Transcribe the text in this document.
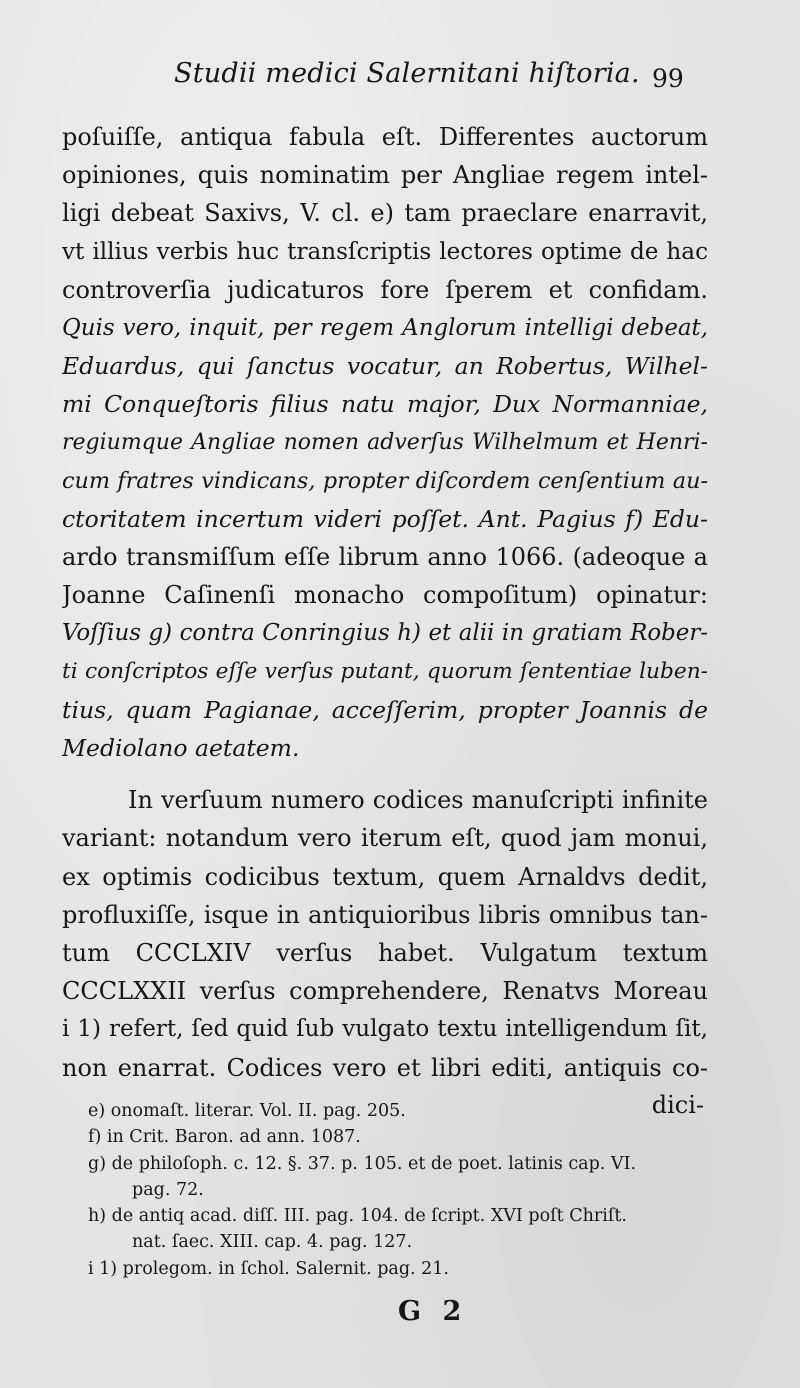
Studii medici Salernitani hiſtoria. 99
poſuiſſe, antiqua fabula eſt. Differentes auctorum
opiniones, quis nominatim per Angliae regem intel-
ligi debeat Saxivs, V. cl. e) tam praeclare enarravit,
vt illius verbis huc transſcriptis lectores optime de hac
controverſia judicaturos fore ſperem et confidam.
Quis vero, inquit, per regem Anglorum intelligi debeat,
Eduardus, qui ſanctus vocatur, an Robertus, Wilhel-
mi Conqueſtoris filius natu major, Dux Normanniae,
regiumque Angliae nomen adverſus Wilhelmum et Henri-
cum fratres vindicans, propter diſcordem cenſentium au-
ctoritatem incertum videri poſſet. Ant. Pagius f) Edu-
ardo transmiſſum eſſe librum anno 1066. (adeoque a
Joanne Caſinenſi monacho compoſitum) opinatur:
Voſſius g) contra Conringius h) et alii in gratiam Rober-
ti conſcriptos eſſe verſus putant, quorum ſententiae luben-
tius, quam Pagianae, acceſſerim, propter Joannis de
Mediolano aetatem.
In verſuum numero codices manuſcripti infinite
variant: notandum vero iterum eſt, quod jam monui,
ex optimis codicibus textum, quem Arnaldvs dedit,
profluxiſſe, isque in antiquioribus libris omnibus tan-
tum CCCLXIV verſus habet. Vulgatum textum
CCCLXXII verſus comprehendere, Renatvs Moreau
i 1) refert, ſed quid ſub vulgato textu intelligendum ſit,
non enarrat. Codices vero et libri editi, antiquis co-
dici-
e) onomaſt. literar. Vol. II. pag. 205.
f) in Crit. Baron. ad ann. 1087.
g) de philoſoph. c. 12. §. 37. p. 105. et de poet. latinis cap. VI.
pag. 72.
h) de antiq acad. diſſ. III. pag. 104. de ſcript. XVI poſt Chriſt.
nat. ſaec. XIII. cap. 4. pag. 127.
i 1) prolegom. in ſchol. Salernit. pag. 21.
G 2
